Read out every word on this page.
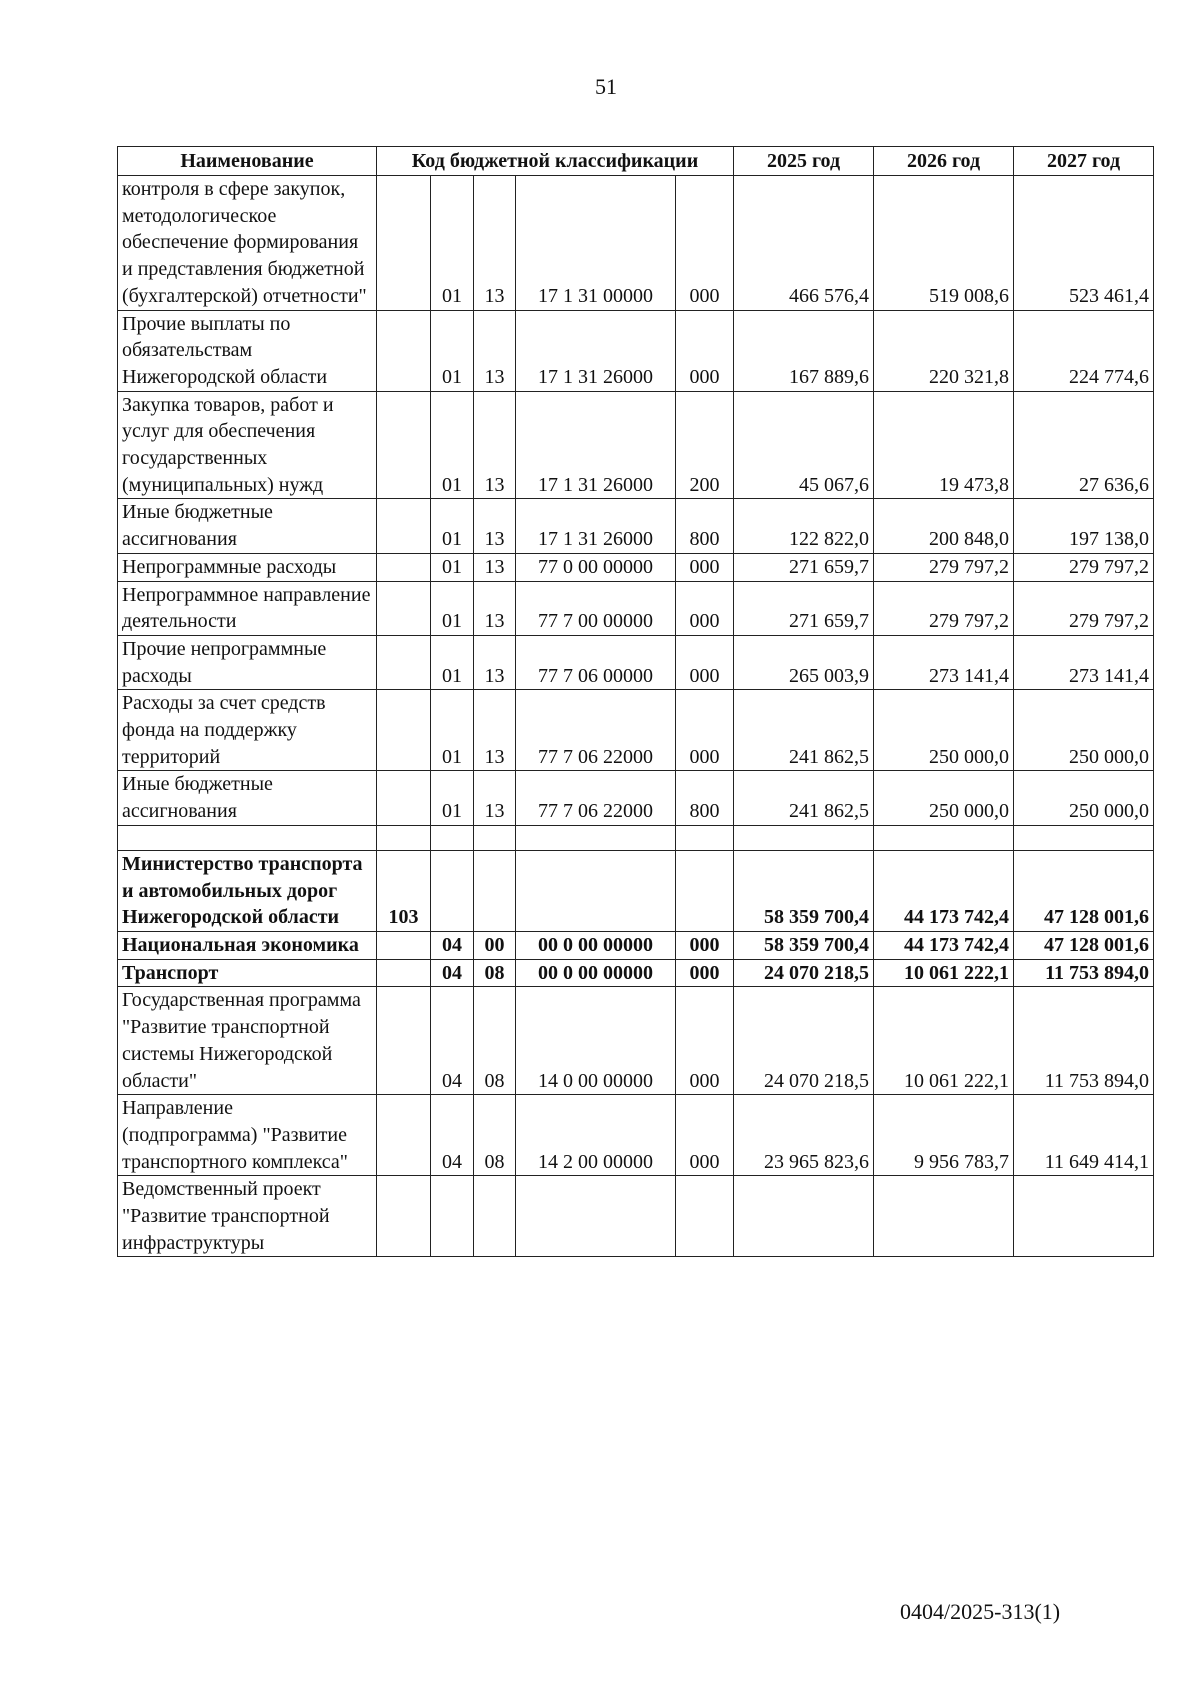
51
Наименование	Код бюджетной классификации					2025 год	2026 год	2027 год
контроля в сфере закупок, методологическое обеспечение формирования и представления бюджетной (бухгалтерской) отчетности"		01	13	17 1 31 00000	000	466 576,4	519 008,6	523 461,4
Прочие выплаты по обязательствам Нижегородской области		01	13	17 1 31 26000	000	167 889,6	220 321,8	224 774,6
Закупка товаров, работ и услуг для обеспечения государственных (муниципальных) нужд		01	13	17 1 31 26000	200	45 067,6	19 473,8	27 636,6
Иные бюджетные ассигнования		01	13	17 1 31 26000	800	122 822,0	200 848,0	197 138,0
Непрограммные расходы		01	13	77 0 00 00000	000	271 659,7	279 797,2	279 797,2
Непрограммное направление деятельности		01	13	77 7 00 00000	000	271 659,7	279 797,2	279 797,2
Прочие непрограммные расходы		01	13	77 7 06 00000	000	265 003,9	273 141,4	273 141,4
Расходы за счет средств фонда на поддержку территорий		01	13	77 7 06 22000	000	241 862,5	250 000,0	250 000,0
Иные бюджетные ассигнования		01	13	77 7 06 22000	800	241 862,5	250 000,0	250 000,0

Министерство транспорта и автомобильных дорог Нижегородской области	103					58 359 700,4	44 173 742,4	47 128 001,6
Национальная экономика		04	00	00 0 00 00000	000	58 359 700,4	44 173 742,4	47 128 001,6
Транспорт		04	08	00 0 00 00000	000	24 070 218,5	10 061 222,1	11 753 894,0
Государственная программа "Развитие транспортной системы Нижегородской области"		04	08	14 0 00 00000	000	24 070 218,5	10 061 222,1	11 753 894,0
Направление (подпрограмма) "Развитие транспортного комплекса"		04	08	14 2 00 00000	000	23 965 823,6	9 956 783,7	11 649 414,1
Ведомственный проект "Развитие транспортной инфраструктуры								
0404/2025-313(1)
